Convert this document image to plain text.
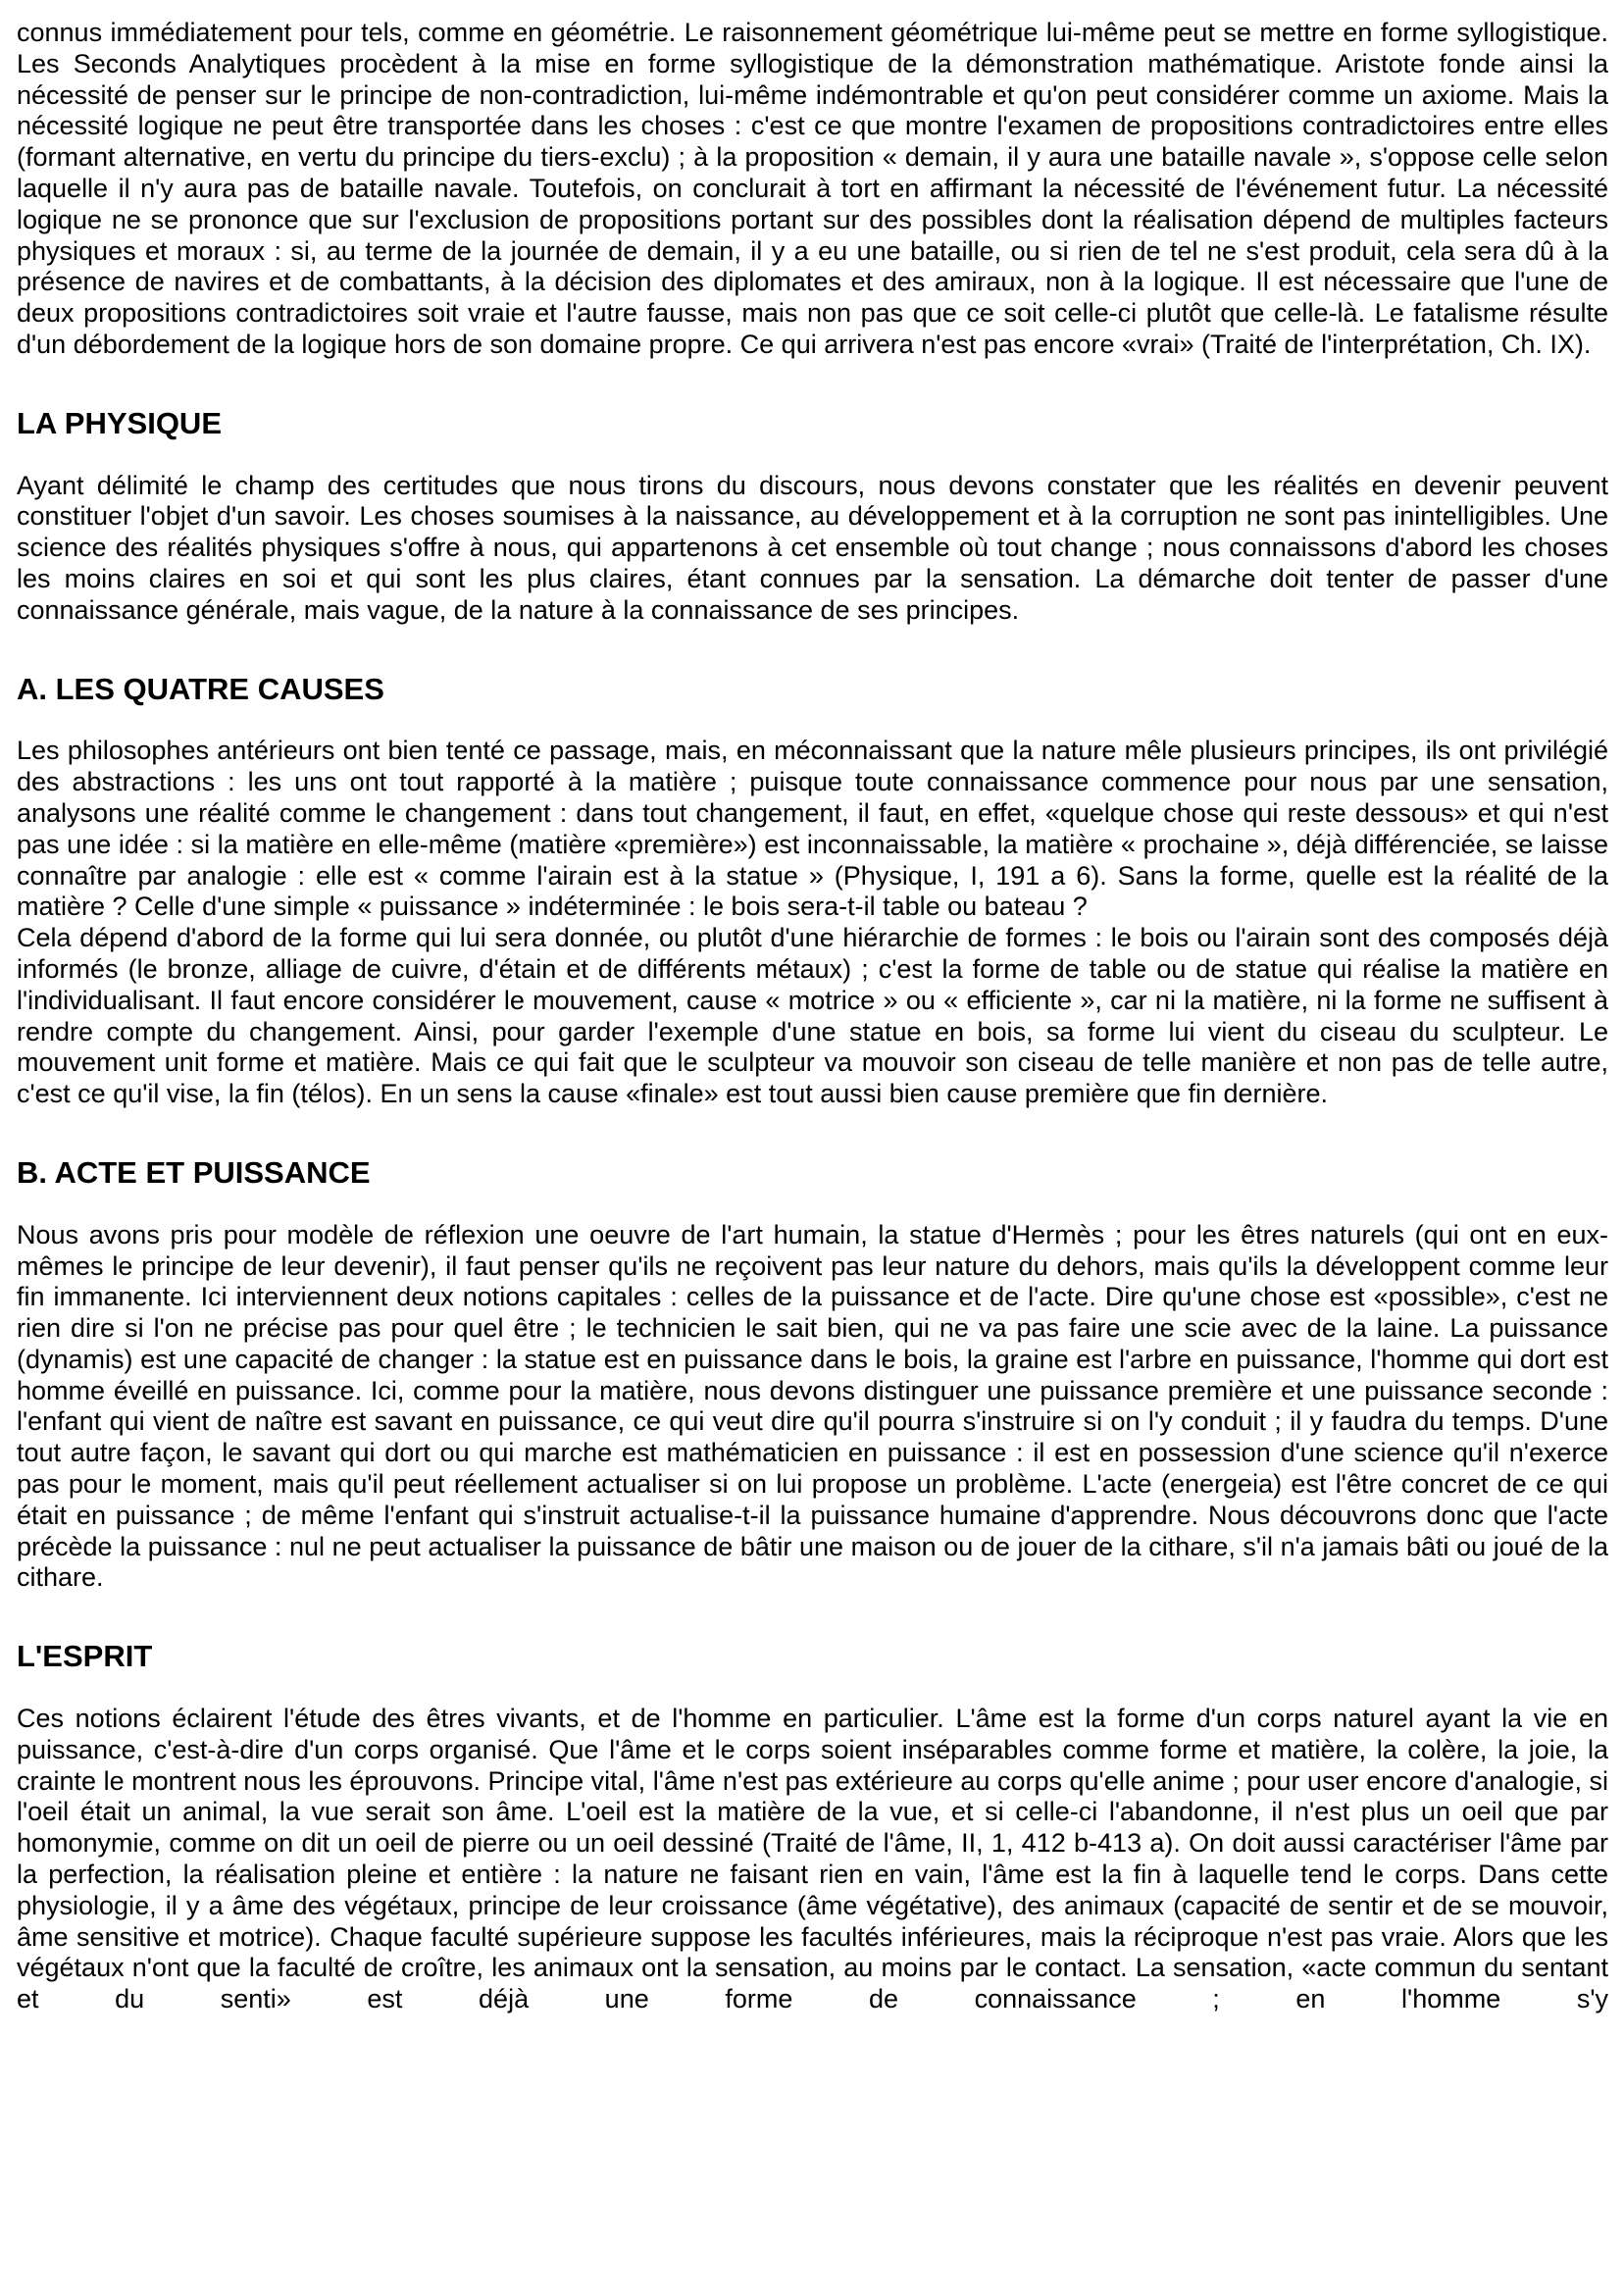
connus immédiatement pour tels, comme en géométrie. Le raisonnement géométrique lui-même peut se mettre en forme syllogistique. Les Seconds Analytiques procèdent à la mise en forme syllogistique de la démonstration mathématique. Aristote fonde ainsi la nécessité de penser sur le principe de non-contradiction, lui-même indémontrable et qu'on peut considérer comme un axiome. Mais la nécessité logique ne peut être transportée dans les choses : c'est ce que montre l'examen de propositions contradictoires entre elles (formant alternative, en vertu du principe du tiers-exclu) ; à la proposition « demain, il y aura une bataille navale », s'oppose celle selon laquelle il n'y aura pas de bataille navale. Toutefois, on conclurait à tort en affirmant la nécessité de l'événement futur. La nécessité logique ne se prononce que sur l'exclusion de propositions portant sur des possibles dont la réalisation dépend de multiples facteurs physiques et moraux : si, au terme de la journée de demain, il y a eu une bataille, ou si rien de tel ne s'est produit, cela sera dû à la présence de navires et de combattants, à la décision des diplomates et des amiraux, non à la logique. Il est nécessaire que l'une de deux propositions contradictoires soit vraie et l'autre fausse, mais non pas que ce soit celle-ci plutôt que celle-là. Le fatalisme résulte d'un débordement de la logique hors de son domaine propre. Ce qui arrivera n'est pas encore «vrai» (Traité de l'interprétation, Ch. IX).

LA PHYSIQUE

Ayant délimité le champ des certitudes que nous tirons du discours, nous devons constater que les réalités en devenir peuvent constituer l'objet d'un savoir. Les choses soumises à la naissance, au développement et à la corruption ne sont pas inintelligibles. Une science des réalités physiques s'offre à nous, qui appartenons à cet ensemble où tout change ; nous connaissons d'abord les choses les moins claires en soi et qui sont les plus claires, étant connues par la sensation. La démarche doit tenter de passer d'une connaissance générale, mais vague, de la nature à la connaissance de ses principes.

A. LES QUATRE CAUSES

Les philosophes antérieurs ont bien tenté ce passage, mais, en méconnaissant que la nature mêle plusieurs principes, ils ont privilégié des abstractions : les uns ont tout rapporté à la matière ; puisque toute connaissance commence pour nous par une sensation, analysons une réalité comme le changement : dans tout changement, il faut, en effet, «quelque chose qui reste dessous» et qui n'est pas une idée : si la matière en elle-même (matière «première») est inconnaissable, la matière « prochaine », déjà différenciée, se laisse connaître par analogie : elle est « comme l'airain est à la statue » (Physique, I, 191 a 6). Sans la forme, quelle est la réalité de la matière ? Celle d'une simple « puissance » indéterminée : le bois sera-t-il table ou bateau ?

Cela dépend d'abord de la forme qui lui sera donnée, ou plutôt d'une hiérarchie de formes : le bois ou l'airain sont des composés déjà informés (le bronze, alliage de cuivre, d'étain et de différents métaux) ; c'est la forme de table ou de statue qui réalise la matière en l'individualisant. Il faut encore considérer le mouvement, cause « motrice » ou « efficiente », car ni la matière, ni la forme ne suffisent à rendre compte du changement. Ainsi, pour garder l'exemple d'une statue en bois, sa forme lui vient du ciseau du sculpteur. Le mouvement unit forme et matière. Mais ce qui fait que le sculpteur va mouvoir son ciseau de telle manière et non pas de telle autre, c'est ce qu'il vise, la fin (télos). En un sens la cause «finale» est tout aussi bien cause première que fin dernière.

B. ACTE ET PUISSANCE

Nous avons pris pour modèle de réflexion une oeuvre de l'art humain, la statue d'Hermès ; pour les êtres naturels (qui ont en eux-mêmes le principe de leur devenir), il faut penser qu'ils ne reçoivent pas leur nature du dehors, mais qu'ils la développent comme leur fin immanente. Ici interviennent deux notions capitales : celles de la puissance et de l'acte. Dire qu'une chose est «possible», c'est ne rien dire si l'on ne précise pas pour quel être ; le technicien le sait bien, qui ne va pas faire une scie avec de la laine. La puissance (dynamis) est une capacité de changer : la statue est en puissance dans le bois, la graine est l'arbre en puissance, l'homme qui dort est homme éveillé en puissance. Ici, comme pour la matière, nous devons distinguer une puissance première et une puissance seconde : l'enfant qui vient de naître est savant en puissance, ce qui veut dire qu'il pourra s'instruire si on l'y conduit ; il y faudra du temps. D'une tout autre façon, le savant qui dort ou qui marche est mathématicien en puissance : il est en possession d'une science qu'il n'exerce pas pour le moment, mais qu'il peut réellement actualiser si on lui propose un problème. L'acte (energeia) est l'être concret de ce qui était en puissance ; de même l'enfant qui s'instruit actualise-t-il la puissance humaine d'apprendre. Nous découvrons donc que l'acte précède la puissance : nul ne peut actualiser la puissance de bâtir une maison ou de jouer de la cithare, s'il n'a jamais bâti ou joué de la cithare.

L'ESPRIT

Ces notions éclairent l'étude des êtres vivants, et de l'homme en particulier. L'âme est la forme d'un corps naturel ayant la vie en puissance, c'est-à-dire d'un corps organisé. Que l'âme et le corps soient inséparables comme forme et matière, la colère, la joie, la crainte le montrent nous les éprouvons. Principe vital, l'âme n'est pas extérieure au corps qu'elle anime ; pour user encore d'analogie, si l'oeil était un animal, la vue serait son âme. L'oeil est la matière de la vue, et si celle-ci l'abandonne, il n'est plus un oeil que par homonymie, comme on dit un oeil de pierre ou un oeil dessiné (Traité de l'âme, II, 1, 412 b-413 a). On doit aussi caractériser l'âme par la perfection, la réalisation pleine et entière : la nature ne faisant rien en vain, l'âme est la fin à laquelle tend le corps. Dans cette physiologie, il y a âme des végétaux, principe de leur croissance (âme végétative), des animaux (capacité de sentir et de se mouvoir, âme sensitive et motrice). Chaque faculté supérieure suppose les facultés inférieures, mais la réciproque n'est pas vraie. Alors que les végétaux n'ont que la faculté de croître, les animaux ont la sensation, au moins par le contact. La sensation, «acte commun du sentant et du senti» est déjà une forme de connaissance ; en l'homme s'y
